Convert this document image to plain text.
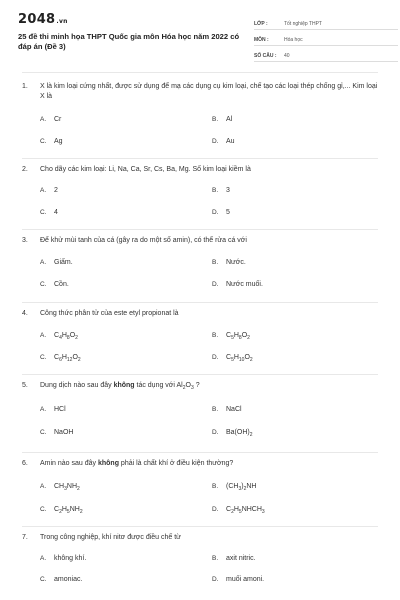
2048.vn
25 đề thi minh họa THPT Quốc gia môn Hóa học năm 2022 có đáp án (Đề 3)
LỚP :	Tốt nghiệp THPT
MÔN :	Hóa học
SỐ CÂU :	40
1. X là kim loại cứng nhất, được sử dụng để mạ các dụng cụ kim loại, chế tạo các loại thép chống gỉ,... Kim loại X là
A. Cr	B. Al
C. Ag	D. Au
2. Cho dãy các kim loại: Li, Na, Ca, Sr, Cs, Ba, Mg. Số kim loại kiềm là
A. 2	B. 3
C. 4	D. 5
3. Để khử mùi tanh của cá (gây ra do một số amin), có thể rửa cá với
A. Giấm.	B. Nước.
C. Cồn.	D. Nước muối.
4. Công thức phân tử của este etyl propionat là
A. $C_4H_8O_2$	B. $C_5H_8O_2$
C. $C_6H_{12}O_2$	D. $C_5H_{10}O_2$
5. Dung dịch nào sau đây không tác dụng với $Al_2O_3$ ?
A. HCl	B. NaCl
C. NaOH	D. $Ba(OH)_2$
6. Amin nào sau đây không phải là chất khí ở điều kiện thường?
A. $CH_3NH_2$	B. $(CH_3)_2NH$
C. $C_2H_5NH_2$	D. $C_2H_5NHCH_3$
7. Trong công nghiệp, khí nitơ được điều chế từ
A. không khí.	B. axit nitric.
C. amoniac.	D. muối amoni.
